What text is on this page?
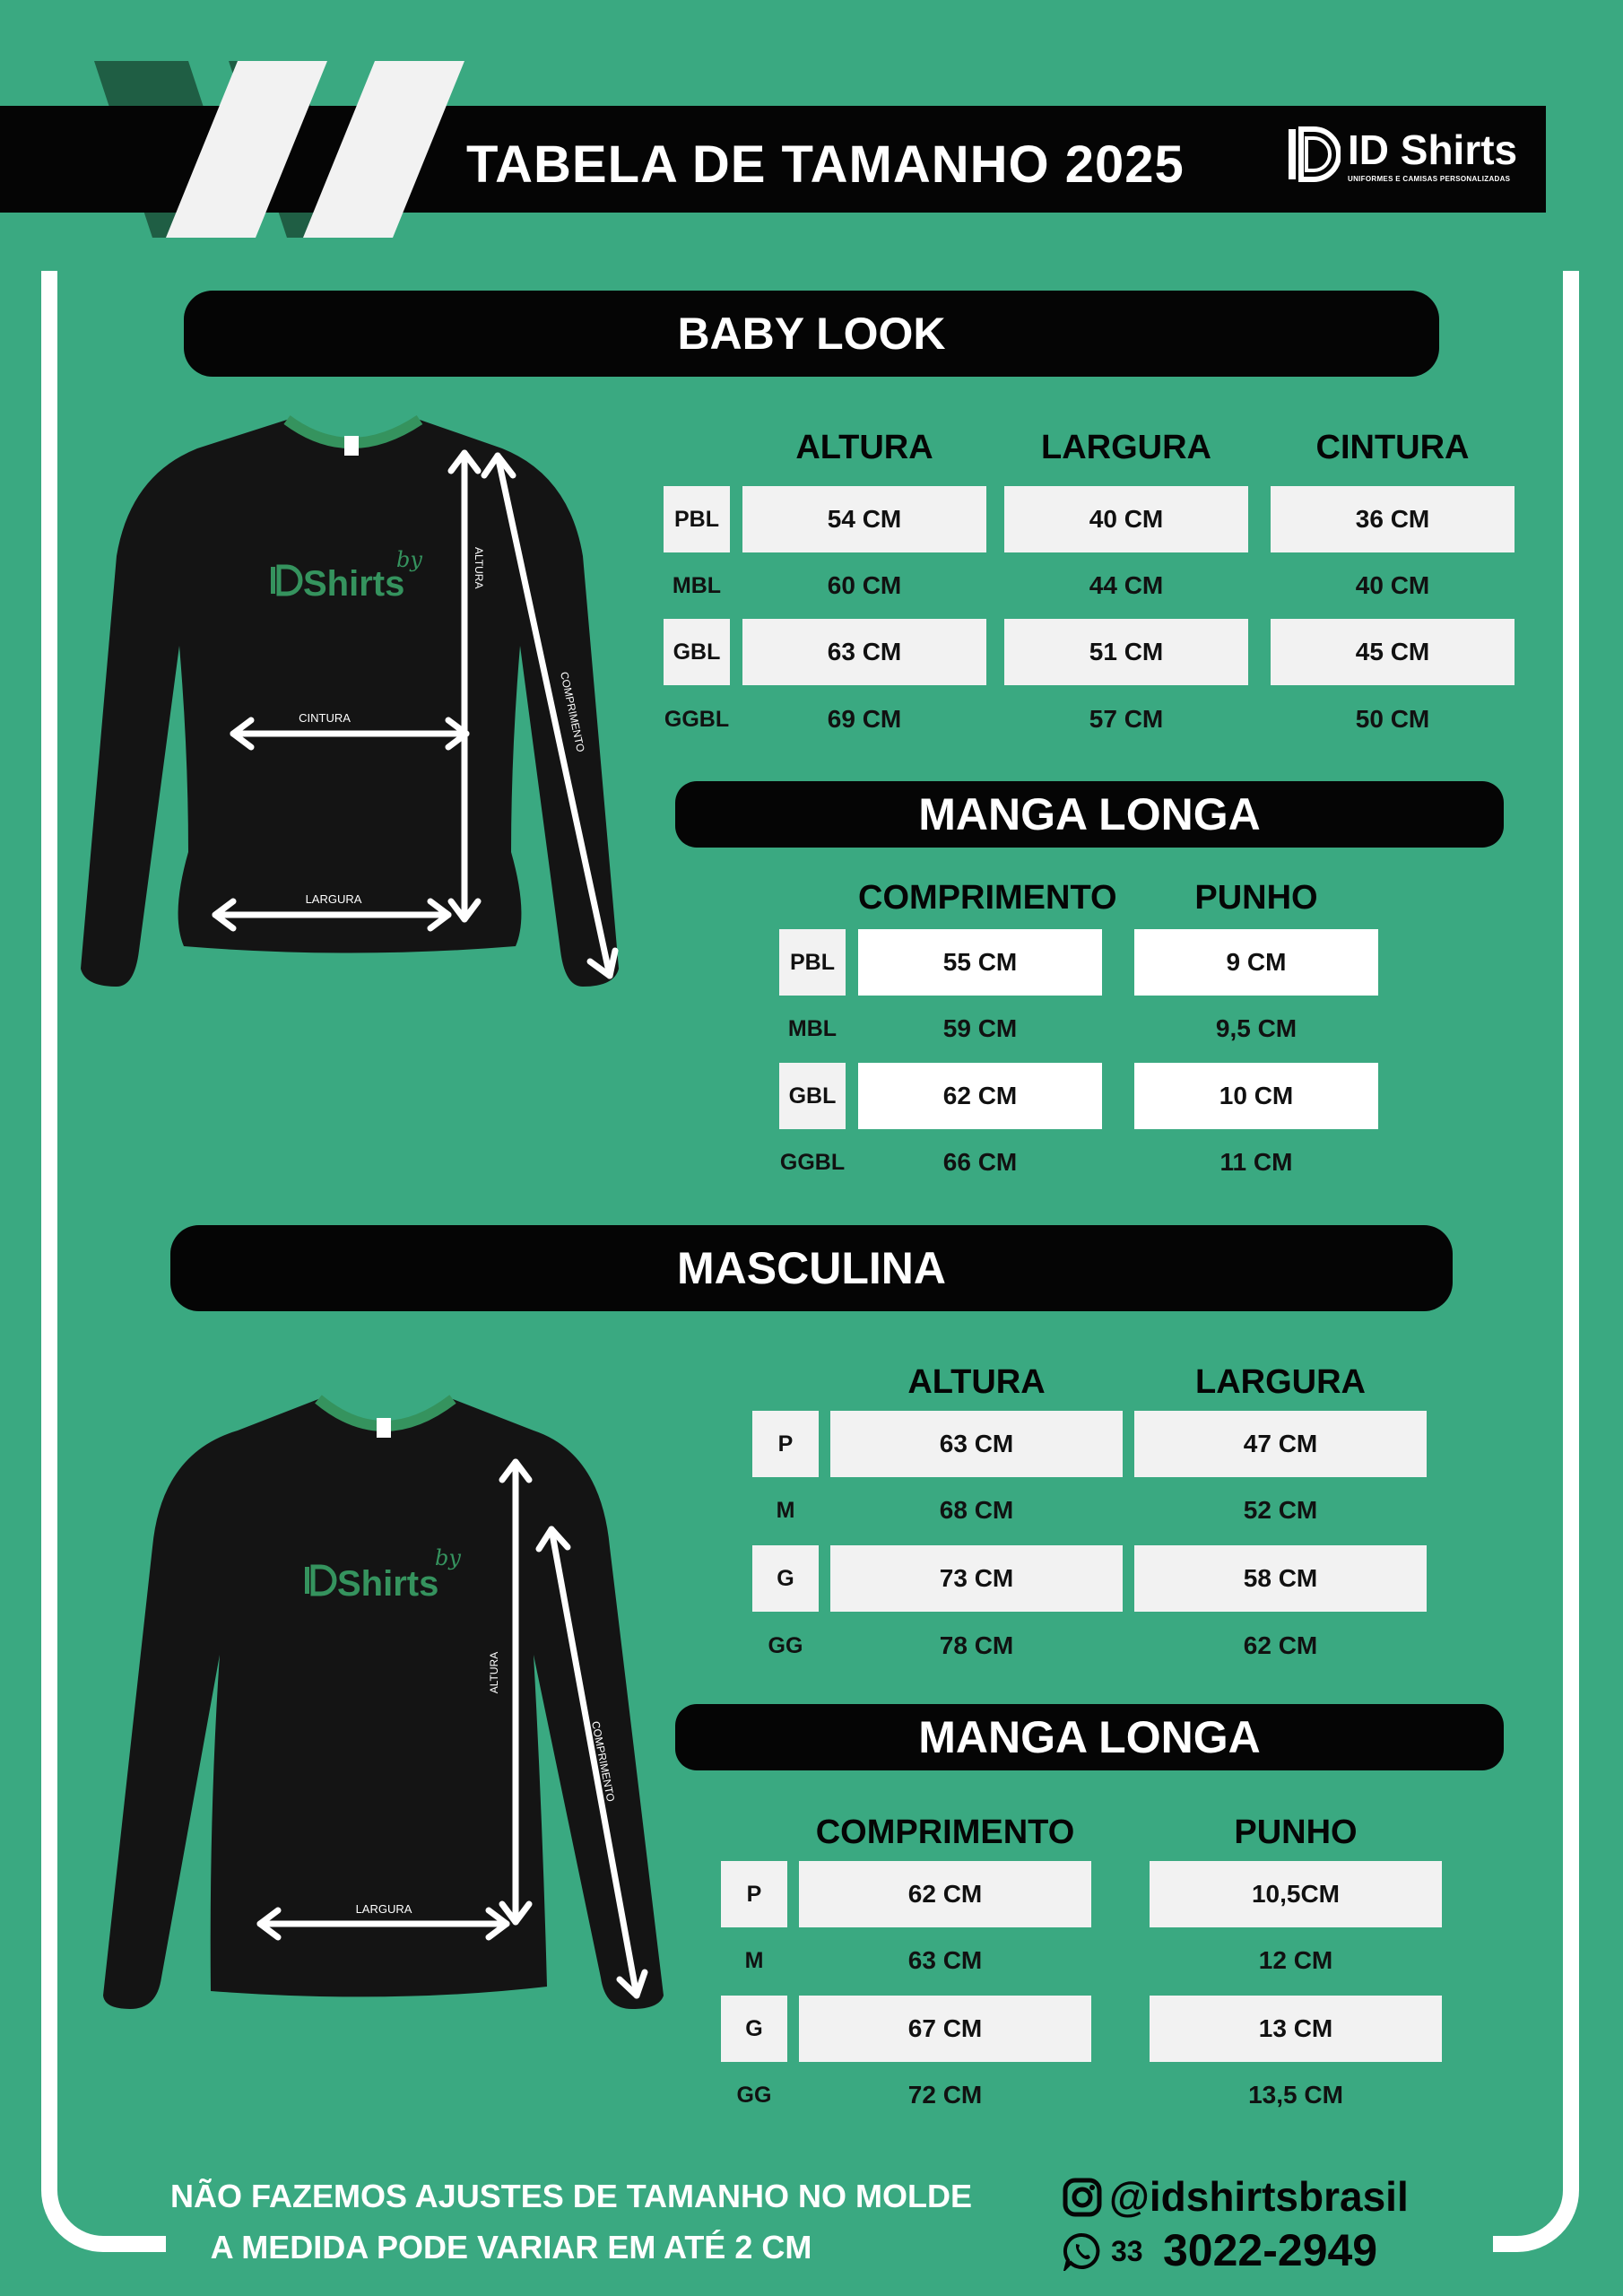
TABELA DE TAMANHO 2025	ID Shirts
UNIFORMES E CAMISAS PERSONALIZADAS
BABY LOOK
Shirts
by	ALTURA
COMPRIMENTO
CINTURA
LARGURA
ALTURA	LARGURA	CINTURA
PBL	54 CM	40 CM	36 CM
MBL	60 CM	44 CM	40 CM
GBL	63 CM	51 CM	45 CM
GGBL	69 CM	57 CM	50 CM
MANGA LONGA
COMPRIMENTO	PUNHO
PBL	55 CM	9 CM
MBL	59 CM	9,5 CM
GBL	62 CM	10 CM
GGBL	66 CM	11 CM
MASCULINA
Shirts
by
ALTURA
COMPRIMENTO
LARGURA
ALTURA	LARGURA
P	63 CM	47 CM
M	68 CM	52 CM
G	73 CM	58 CM
GG	78 CM	62 CM
MANGA LONGA
COMPRIMENTO	PUNHO
P	62 CM	10,5CM
M	63 CM	12 CM
G	67 CM	13 CM
GG	72 CM	13,5 CM
NÃO FAZEMOS AJUSTES DE TAMANHO NO MOLDE
A MEDIDA PODE VARIAR EM ATÉ 2 CM
@idshirtsbrasil
33 3022-2949
